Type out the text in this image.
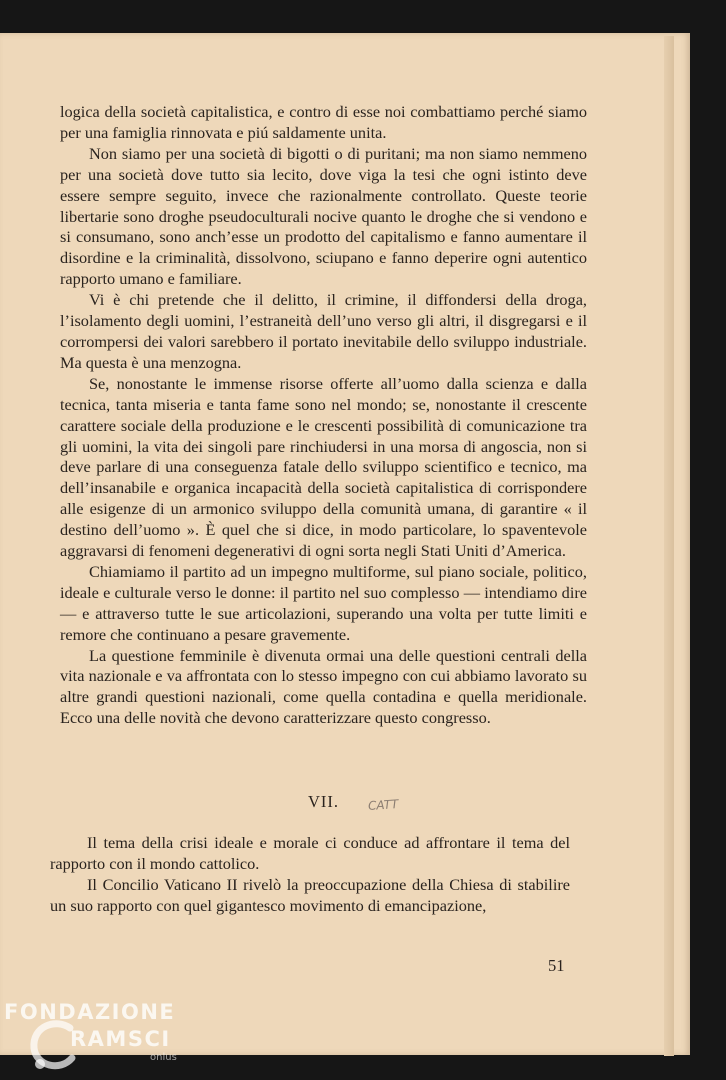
logica della società capitalistica, e contro di esse noi combattiamo perché siamo per una famiglia rinnovata e piú saldamente unita.

Non siamo per una società di bigotti o di puritani; ma non siamo nemmeno per una società dove tutto sia lecito, dove viga la tesi che ogni istinto deve essere sempre seguito, invece che razionalmente controllato. Queste teorie libertarie sono droghe pseudoculturali nocive quanto le droghe che si vendono e si consumano, sono anch’esse un prodotto del capitalismo e fanno aumentare il disordine e la criminalità, dissolvono, sciupano e fanno deperire ogni autentico rapporto umano e familiare.

Vi è chi pretende che il delitto, il crimine, il diffondersi della droga, l’isolamento degli uomini, l’estraneità dell’uno verso gli altri, il disgregarsi e il corrompersi dei valori sarebbero il portato inevitabile dello sviluppo industriale. Ma questa è una menzogna.

Se, nonostante le immense risorse offerte all’uomo dalla scienza e dalla tecnica, tanta miseria e tanta fame sono nel mondo; se, nonostante il crescente carattere sociale della produzione e le crescenti possibilità di comunicazione tra gli uomini, la vita dei singoli pare rinchiudersi in una morsa di angoscia, non si deve parlare di una conseguenza fatale dello sviluppo scientifico e tecnico, ma dell’insanabile e organica incapacità della società capitalistica di corrispondere alle esigenze di un armonico sviluppo della comunità umana, di garantire « il destino dell’uomo ». È quel che si dice, in modo particolare, lo spaventevole aggravarsi di fenomeni degenerativi di ogni sorta negli Stati Uniti d’America.

Chiamiamo il partito ad un impegno multiforme, sul piano sociale, politico, ideale e culturale verso le donne: il partito nel suo complesso — intendiamo dire — e attraverso tutte le sue articolazioni, superando una volta per tutte limiti e remore che continuano a pesare gravemente.

La questione femminile è divenuta ormai una delle questioni centrali della vita nazionale e va affrontata con lo stesso impegno con cui abbiamo lavorato su altre grandi questioni nazionali, come quella contadina e quella meridionale. Ecco una delle novità che devono caratterizzare questo congresso.

VII.	CATT

Il tema della crisi ideale e morale ci conduce ad affrontare il tema del rapporto con il mondo cattolico.

Il Concilio Vaticano II rivelò la preoccupazione della Chiesa di stabilire un suo rapporto con quel gigantesco movimento di emancipazione,

51
FONDAZIONE
RAMSCI
onlus
